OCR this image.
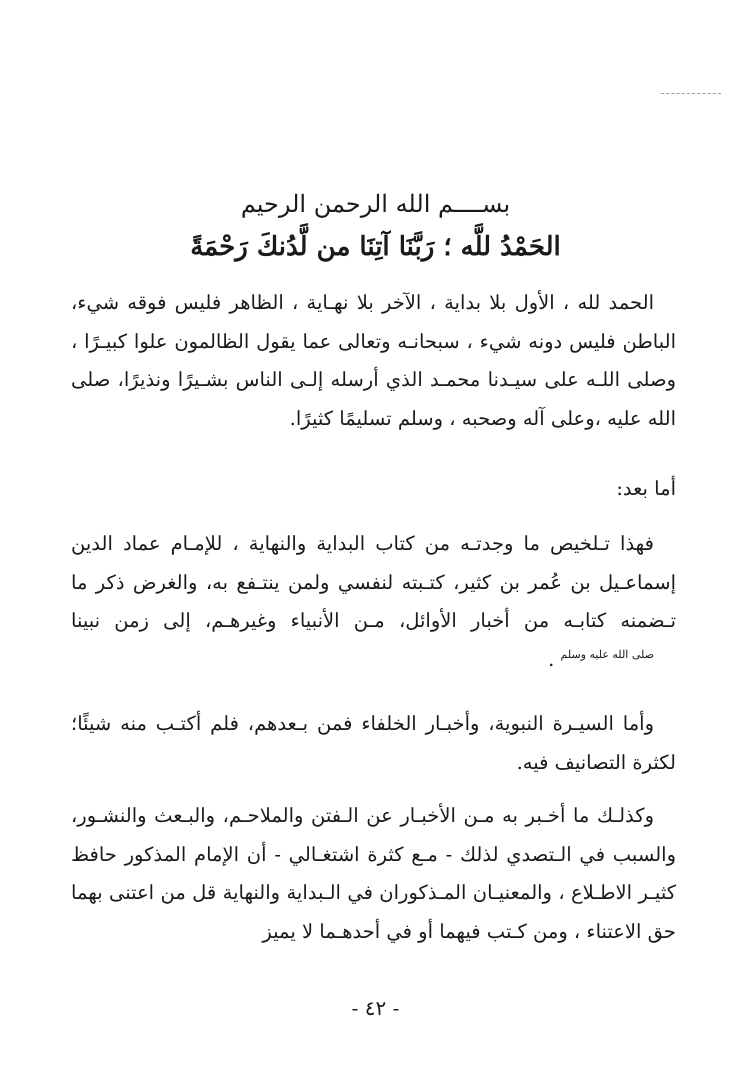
بســــم الله الرحمن الرحيم
الحَمْدُ للَّه ؛ رَبَّنَا آتِنَا من لَّدُنكَ رَحْمَةً

الحمد لله ، الأول بلا بداية ، الآخر بلا نهـاية ، الظاهر فليس فوقه شيء، الباطن فليس دونه شيء ، سبحانـه وتعالى عما يقول الظالمون علوا كبيـرًا ، وصلى اللـه على سيـدنا محمـد الذي أرسله إلـى الناس بشـيرًا ونذيرًا، صلى الله عليه ،وعلى آله وصحبه ، وسلم تسليمًا كثيرًا.

أما بعد:

فهذا تـلخيص ما وجدتـه من كتاب البداية والنهاية ، للإمـام عماد الدين إسماعـيل بن عُمر بن كثير، كتـبته لنفسي ولمن ينتـفع به، والغرض ذكر ما تـضمنه كتابـه من أخبار الأوائل، مـن الأنبياء وغيرهـم، إلى زمن نبيناصلى الله عليه وسلم .

وأما السيـرة النبوية، وأخبـار الخلفاء فمن بـعدهم، فلم أكتـب منه شيئًا؛ لكثرة التصانيف فيه.

وكذلـك ما أخـبر به مـن الأخبـار عن الـفتن والملاحـم، والبـعث والنشـور، والسبب في الـتصدي لذلك - مـع كثرة اشتغـالي - أن الإمام المذكور حافظ كثيـر الاطـلاع ، والمعنيـان المـذكوران في الـبداية والنهاية قل من اعتنى بهما حق الاعتناء ، ومن كـتب فيهما أو في أحدهـما لا يميز

- ٤٢ -
